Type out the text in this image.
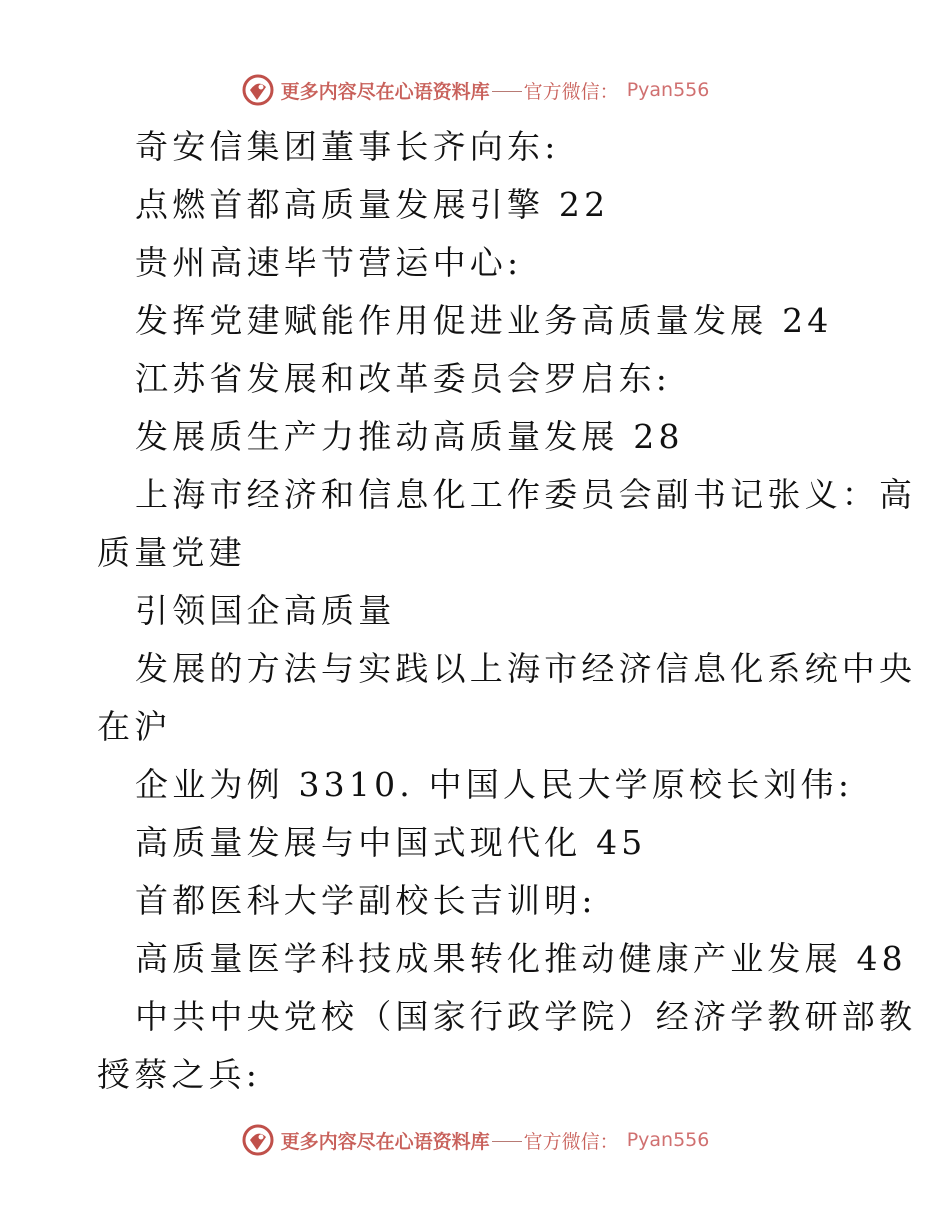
更多内容尽在心语资料库 官方微信 ： Pyan556
奇安信集团董事长齐向东:
点燃首都高质量发展引擎 22
贵州高速毕节营运中心:
发挥党建赋能作用促进业务高质量发展 24
江苏省发展和改革委员会罗启东:
发展质生产力推动高质量发展 28
上海市经济和信息化工作委员会副书记张义：高
质量党建
引领国企高质量
发展的方法与实践以上海市经济信息化系统中央
在沪
企业为例 3310. 中国人民大学原校长刘伟:
高质量发展与中国式现代化 45
首都医科大学副校长吉训明:
高质量医学科技成果转化推动健康产业发展 48
中共中央党校（国家行政学院）经济学教研部教
授蔡之兵:
更多内容尽在心语资料库 官方微信 ： Pyan556
